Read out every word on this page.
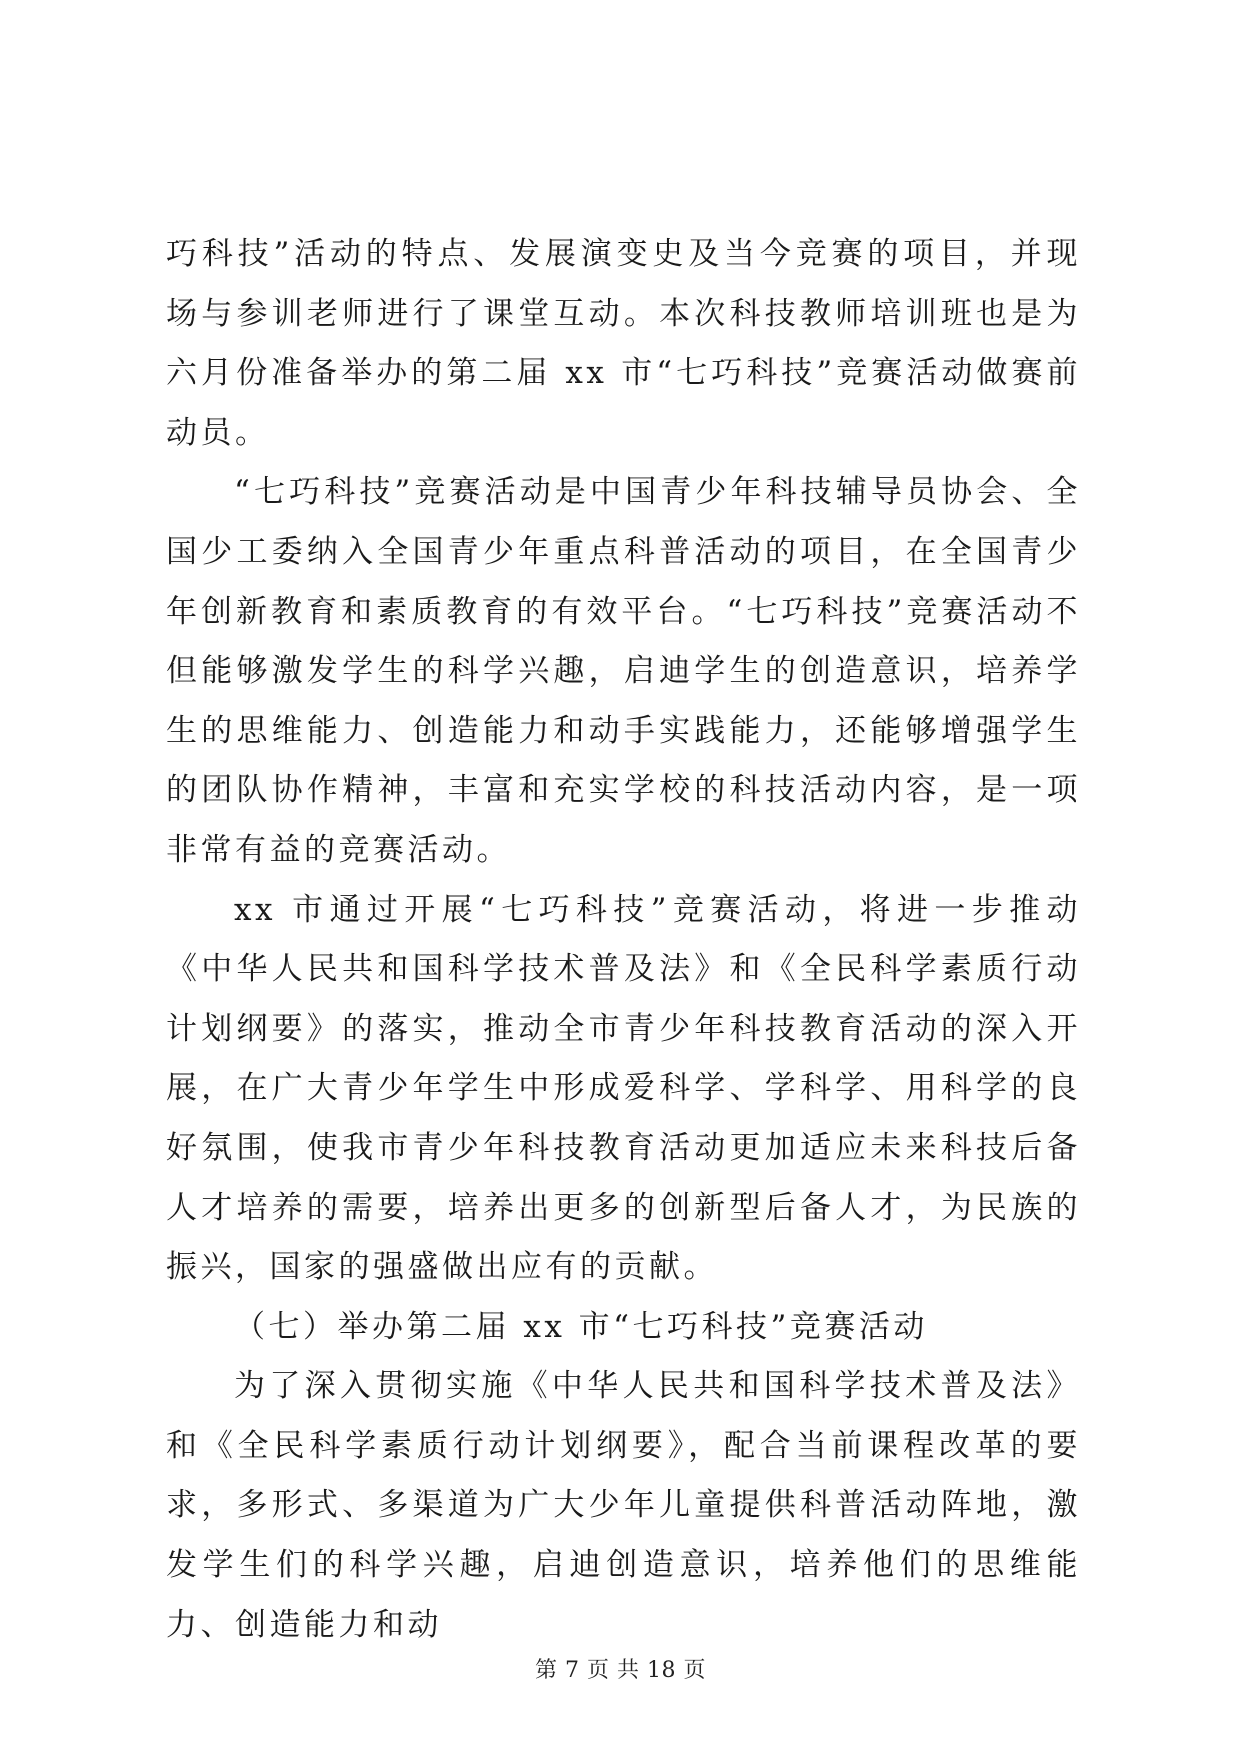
巧科技”活动的特点、发展演变史及当今竞赛的项目，并现场与参训老师进行了课堂互动。本次科技教师培训班也是为六月份准备举办的第二届 xx 市“七巧科技”竞赛活动做赛前动员。

“七巧科技”竞赛活动是中国青少年科技辅导员协会、全国少工委纳入全国青少年重点科普活动的项目，在全国青少年创新教育和素质教育的有效平台。“七巧科技”竞赛活动不但能够激发学生的科学兴趣，启迪学生的创造意识，培养学生的思维能力、创造能力和动手实践能力，还能够增强学生的团队协作精神，丰富和充实学校的科技活动内容，是一项非常有益的竞赛活动。

xx 市通过开展“七巧科技”竞赛活动，将进一步推动《中华人民共和国科学技术普及法》和《全民科学素质行动计划纲要》的落实，推动全市青少年科技教育活动的深入开展，在广大青少年学生中形成爱科学、学科学、用科学的良好氛围，使我市青少年科技教育活动更加适应未来科技后备人才培养的需要，培养出更多的创新型后备人才，为民族的振兴，国家的强盛做出应有的贡献。

（七）举办第二届 xx 市“七巧科技”竞赛活动

为了深入贯彻实施《中华人民共和国科学技术普及法》和《全民科学素质行动计划纲要》，配合当前课程改革的要求，多形式、多渠道为广大少年儿童提供科普活动阵地，激发学生们的科学兴趣，启迪创造意识，培养他们的思维能力、创造能力和动

第 7 页 共 18 页
